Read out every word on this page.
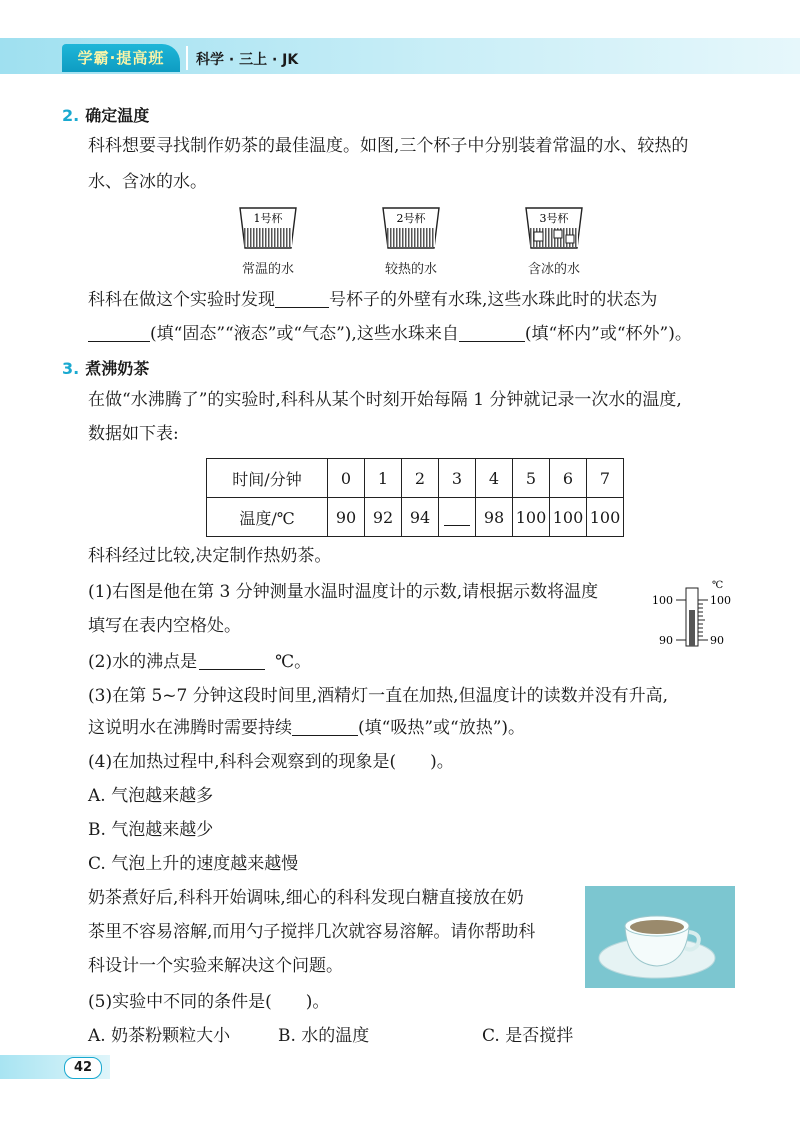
学霸·提高班	科学 · 三上 · JK
2. 确定温度
科科想要寻找制作奶茶的最佳温度。如图,三个杯子中分别装着常温的水、较热的
水、含冰的水。
1号杯	2号杯	3号杯
常温的水	较热的水	含冰的水
科科在做这个实验时发现	号杯子的外壁有水珠,这些水珠此时的状态为
(填“固态”“液态”或“气态”),这些水珠来自	(填“杯内”或“杯外”)。
3. 煮沸奶茶
在做“水沸腾了”的实验时,科科从某个时刻开始每隔 1 分钟就记录一次水的温度,
数据如下表:
时间/分钟	0	1	2	3	4	5	6	7
温度/℃	90	92	94		98	100	100	100
科科经过比较,决定制作热奶茶。
(1)右图是他在第 3 分钟测量水温时温度计的示数,请根据示数将温度
填写在表内空格处。
℃
100
100
90
90
(2)水的沸点是	℃。
(3)在第 5~7 分钟这段时间里,酒精灯一直在加热,但温度计的读数并没有升高,
这说明水在沸腾时需要持续	(填“吸热”或“放热”)。
(4)在加热过程中,科科会观察到的现象是(　　)。
A. 气泡越来越多
B. 气泡越来越少
C. 气泡上升的速度越来越慢
奶茶煮好后,科科开始调味,细心的科科发现白糖直接放在奶
茶里不容易溶解,而用勺子搅拌几次就容易溶解。请你帮助科
科设计一个实验来解决这个问题。
(5)实验中不同的条件是(　　)。
A. 奶茶粉颗粒大小	B. 水的温度	C. 是否搅拌
42
